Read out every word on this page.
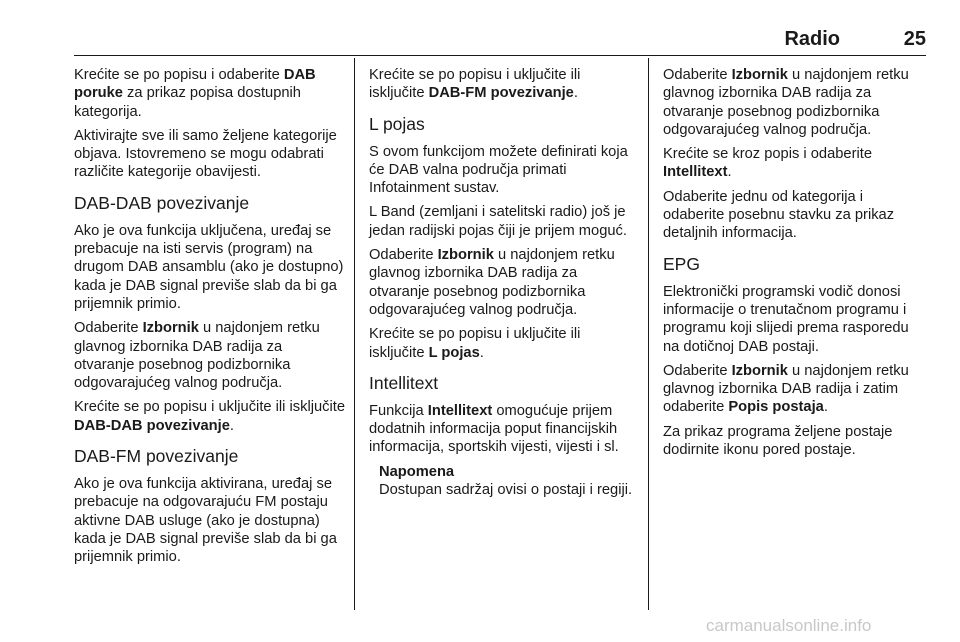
Radio	25

Krećite se po popisu i odaberite DAB poruke za prikaz popisa dostupnih kategorija.

Aktivirajte sve ili samo željene kategorije objava. Istovremeno se mogu odabrati različite kategorije obavijesti.

DAB-DAB povezivanje

Ako je ova funkcija uključena, uređaj se prebacuje na isti servis (program) na drugom DAB ansamblu (ako je dostupno) kada je DAB signal previše slab da bi ga prijemnik primio.

Odaberite Izbornik u najdonjem retku glavnog izbornika DAB radija za otvaranje posebnog podizbornika odgovarajućeg valnog područja.

Krećite se po popisu i uključite ili isključite DAB-DAB povezivanje.

DAB-FM povezivanje

Ako je ova funkcija aktivirana, uređaj se prebacuje na odgovarajuću FM postaju aktivne DAB usluge (ako je dostupna) kada je DAB signal previše slab da bi ga prijemnik primio.

Krećite se po popisu i uključite ili isključite DAB-FM povezivanje.

L pojas

S ovom funkcijom možete definirati koja će DAB valna područja primati Infotainment sustav.

L Band (zemljani i satelitski radio) još je jedan radijski pojas čiji je prijem moguć.

Odaberite Izbornik u najdonjem retku glavnog izbornika DAB radija za otvaranje posebnog podizbornika odgovarajućeg valnog područja.

Krećite se po popisu i uključite ili isključite L pojas.

Intellitext

Funkcija Intellitext omogućuje prijem dodatnih informacija poput financijskih informacija, sportskih vijesti, vijesti i sl.

Napomena
Dostupan sadržaj ovisi o postaji i regiji.

Odaberite Izbornik u najdonjem retku glavnog izbornika DAB radija za otvaranje posebnog podizbornika odgovarajućeg valnog područja.

Krećite se kroz popis i odaberite Intellitext.

Odaberite jednu od kategorija i odaberite posebnu stavku za prikaz detaljnih informacija.

EPG

Elektronički programski vodič donosi informacije o trenutačnom programu i programu koji slijedi prema rasporedu na dotičnoj DAB postaji.

Odaberite Izbornik u najdonjem retku glavnog izbornika DAB radija i zatim odaberite Popis postaja.

Za prikaz programa željene postaje dodirnite ikonu pored postaje.

carmanualsonline.info
